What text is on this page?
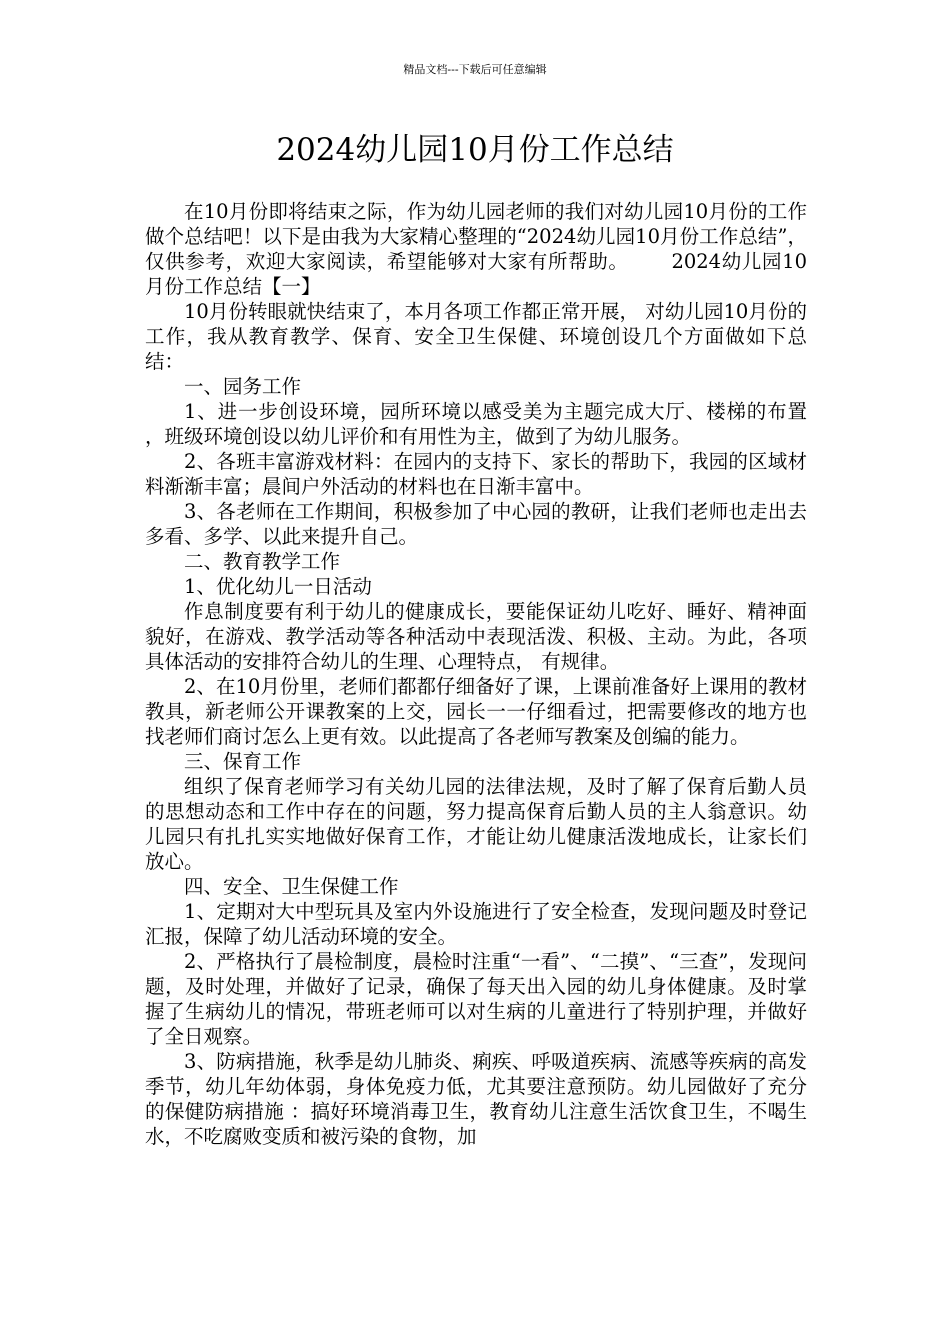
精品文档---下载后可任意编辑
2024幼儿园10月份工作总结

在10月份即将结束之际，作为幼儿园老师的我们对幼儿园10月份的工作做个总结吧！以下是由我为大家精心整理的“2024幼儿园10月份工作总结”，仅供参考，欢迎大家阅读，希望能够对大家有所帮助。 2024幼儿园10月份工作总结【一】

10月份转眼就快结束了，本月各项工作都正常开展， 对幼儿园10月份的工作，我从教育教学、保育、安全卫生保健、环境创设几个方面做如下总结：

一、园务工作

1、进一步创设环境，园所环境以感受美为主题完成大厅、楼梯的布置 ，班级环境创设以幼儿评价和有用性为主，做到了为幼儿服务。

2、各班丰富游戏材料：在园内的支持下、家长的帮助下，我园的区域材料渐渐丰富；晨间户外活动的材料也在日渐丰富中。

3、各老师在工作期间，积极参加了中心园的教研，让我们老师也走出去多看、多学、以此来提升自己。

二、教育教学工作

1、优化幼儿一日活动

作息制度要有利于幼儿的健康成长，要能保证幼儿吃好、睡好、精神面貌好，在游戏、教学活动等各种活动中表现活泼、积极、主动。为此，各项具体活动的安排符合幼儿的生理、心理特点， 有规律。

2、在10月份里，老师们都都仔细备好了课，上课前准备好上课用的教材教具，新老师公开课教案的上交，园长一一仔细看过，把需要修改的地方也找老师们商讨怎么上更有效。以此提高了各老师写教案及创编的能力。

三、保育工作

组织了保育老师学习有关幼儿园的法律法规，及时了解了保育后勤人员的思想动态和工作中存在的问题，努力提高保育后勤人员的主人翁意识。幼儿园只有扎扎实实地做好保育工作，才能让幼儿健康活泼地成长，让家长们放心。

四、安全、卫生保健工作

1、定期对大中型玩具及室内外设施进行了安全检查，发现问题及时登记汇报，保障了幼儿活动环境的安全。

2、严格执行了晨检制度，晨检时注重“一看”、“二摸”、“三查”，发现问题，及时处理，并做好了记录，确保了每天出入园的幼儿身体健康。及时掌握了生病幼儿的情况，带班老师可以对生病的儿童进行了特别护理，并做好了全日观察。

3、防病措施，秋季是幼儿肺炎、痢疾、呼吸道疾病、流感等疾病的高发季节，幼儿年幼体弱，身体免疫力低，尤其要注意预防。幼儿园做好了充分的保健防病措施 ：搞好环境消毒卫生，教育幼儿注意生活饮食卫生，不喝生水，不吃腐败变质和被污染的食物，加
